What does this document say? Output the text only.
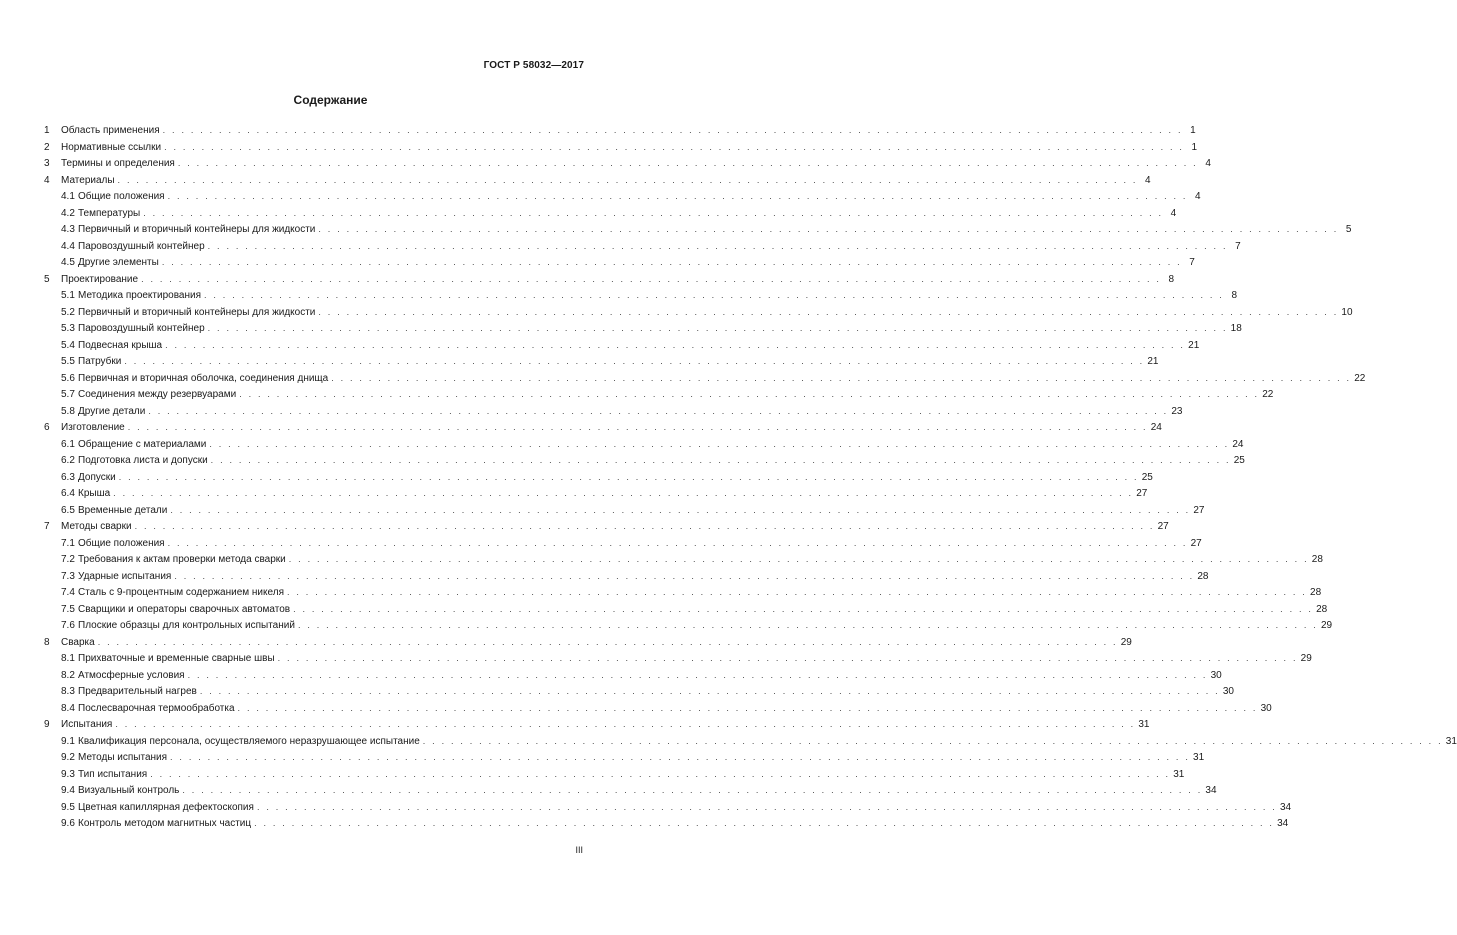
ГОСТ Р 58032—2017
Содержание
1	Область применения . . . . . . . . . . . . . . . . . . . . . . . . . . . . . . . . . . . . . . . . . . . . . . . . . . . . . . . . . . . . . . . . . . . . . . . . . . . . . . . . . . . . . . . . . . . . . . . . . . . . . . . . . . . . . 1
2	Нормативные ссылки . . . . . . . . . . . . . . . . . . . . . . . . . . . . . . . . . . . . . . . . . . . . . . . . . . . . . . . . . . . . . . . . . . . . . . . . . . . . . . . . . . . . . . . . . . . . . . . . . . . . . . . . . . . . . 1
3	Термины и определения . . . . . . . . . . . . . . . . . . . . . . . . . . . . . . . . . . . . . . . . . . . . . . . . . . . . . . . . . . . . . . . . . . . . . . . . . . . . . . . . . . . . . . . . . . . . . . . . . . . . . . . . . . . . . 4
4	Материалы . . . . . . . . . . . . . . . . . . . . . . . . . . . . . . . . . . . . . . . . . . . . . . . . . . . . . . . . . . . . . . . . . . . . . . . . . . . . . . . . . . . . . . . . . . . . . . . . . . . . . . . . . . . . . 4
4.1 Общие положения . . . . . . . . . . . . . . . . . . . . . . . . . . . . . . . . . . . . . . . . . . . . . . . . . . . . . . . . . . . . . . . . . . . . . . . . . . . . . . . . . . . . . . . . . . . . . . . . . . . . . . . . . . . . . 4
4.2 Температуры . . . . . . . . . . . . . . . . . . . . . . . . . . . . . . . . . . . . . . . . . . . . . . . . . . . . . . . . . . . . . . . . . . . . . . . . . . . . . . . . . . . . . . . . . . . . . . . . . . . . . . . . . . . . . 4
4.3 Первичный и вторичный контейнеры для жидкости . . . . . . . . . . . . . . . . . . . . . . . . . . . . . . . . . . . . . . . . . . . . . . . . . . . . . . . . . . . . . . . . . . . . . . . . . . . . . . . . . . . . . . . . . . . . . . . . . . . . . . . . . . . . . 5
4.4 Паровоздушный контейнер . . . . . . . . . . . . . . . . . . . . . . . . . . . . . . . . . . . . . . . . . . . . . . . . . . . . . . . . . . . . . . . . . . . . . . . . . . . . . . . . . . . . . . . . . . . . . . . . . . . . . . . . . . . . . 7
4.5 Другие элементы . . . . . . . . . . . . . . . . . . . . . . . . . . . . . . . . . . . . . . . . . . . . . . . . . . . . . . . . . . . . . . . . . . . . . . . . . . . . . . . . . . . . . . . . . . . . . . . . . . . . . . . . . . . . . 7
5	Проектирование . . . . . . . . . . . . . . . . . . . . . . . . . . . . . . . . . . . . . . . . . . . . . . . . . . . . . . . . . . . . . . . . . . . . . . . . . . . . . . . . . . . . . . . . . . . . . . . . . . . . . . . . . . . . . 8
5.1 Методика проектирования . . . . . . . . . . . . . . . . . . . . . . . . . . . . . . . . . . . . . . . . . . . . . . . . . . . . . . . . . . . . . . . . . . . . . . . . . . . . . . . . . . . . . . . . . . . . . . . . . . . . . . . . . . . . . 8
5.2 Первичный и вторичный контейнеры для жидкости . . . . . . . . . . . . . . . . . . . . . . . . . . . . . . . . . . . . . . . . . . . . . . . . . . . . . . . . . . . . . . . . . . . . . . . . . . . . . . . . . . . . . . . . . . . . . . . . . . . . . . . . . . . . . 10
5.3 Паровоздушный контейнер . . . . . . . . . . . . . . . . . . . . . . . . . . . . . . . . . . . . . . . . . . . . . . . . . . . . . . . . . . . . . . . . . . . . . . . . . . . . . . . . . . . . . . . . . . . . . . . . . . . . . . . . . . . . . 18
5.4 Подвесная крыша . . . . . . . . . . . . . . . . . . . . . . . . . . . . . . . . . . . . . . . . . . . . . . . . . . . . . . . . . . . . . . . . . . . . . . . . . . . . . . . . . . . . . . . . . . . . . . . . . . . . . . . . . . . . . 21
5.5 Патрубки . . . . . . . . . . . . . . . . . . . . . . . . . . . . . . . . . . . . . . . . . . . . . . . . . . . . . . . . . . . . . . . . . . . . . . . . . . . . . . . . . . . . . . . . . . . . . . . . . . . . . . . . . . . . . 21
5.6 Первичная и вторичная оболочка, соединения днища . . . . . . . . . . . . . . . . . . . . . . . . . . . . . . . . . . . . . . . . . . . . . . . . . . . . . . . . . . . . . . . . . . . . . . . . . . . . . . . . . . . . . . . . . . . . . . . . . . . . . . . . . . . . . 22
5.7 Соединения между резервуарами . . . . . . . . . . . . . . . . . . . . . . . . . . . . . . . . . . . . . . . . . . . . . . . . . . . . . . . . . . . . . . . . . . . . . . . . . . . . . . . . . . . . . . . . . . . . . . . . . . . . . . . . . . . . . 22
5.8 Другие детали . . . . . . . . . . . . . . . . . . . . . . . . . . . . . . . . . . . . . . . . . . . . . . . . . . . . . . . . . . . . . . . . . . . . . . . . . . . . . . . . . . . . . . . . . . . . . . . . . . . . . . . . . . . . . 23
6	Изготовление . . . . . . . . . . . . . . . . . . . . . . . . . . . . . . . . . . . . . . . . . . . . . . . . . . . . . . . . . . . . . . . . . . . . . . . . . . . . . . . . . . . . . . . . . . . . . . . . . . . . . . . . . . . . . 24
6.1 Обращение с материалами . . . . . . . . . . . . . . . . . . . . . . . . . . . . . . . . . . . . . . . . . . . . . . . . . . . . . . . . . . . . . . . . . . . . . . . . . . . . . . . . . . . . . . . . . . . . . . . . . . . . . . . . . . . . . 24
6.2 Подготовка листа и допуски . . . . . . . . . . . . . . . . . . . . . . . . . . . . . . . . . . . . . . . . . . . . . . . . . . . . . . . . . . . . . . . . . . . . . . . . . . . . . . . . . . . . . . . . . . . . . . . . . . . . . . . . . . . . . 25
6.3 Допуски . . . . . . . . . . . . . . . . . . . . . . . . . . . . . . . . . . . . . . . . . . . . . . . . . . . . . . . . . . . . . . . . . . . . . . . . . . . . . . . . . . . . . . . . . . . . . . . . . . . . . . . . . . . . . 25
6.4 Крыша . . . . . . . . . . . . . . . . . . . . . . . . . . . . . . . . . . . . . . . . . . . . . . . . . . . . . . . . . . . . . . . . . . . . . . . . . . . . . . . . . . . . . . . . . . . . . . . . . . . . . . . . . . . . . 27
6.5 Временные детали . . . . . . . . . . . . . . . . . . . . . . . . . . . . . . . . . . . . . . . . . . . . . . . . . . . . . . . . . . . . . . . . . . . . . . . . . . . . . . . . . . . . . . . . . . . . . . . . . . . . . . . . . . . . . 27
7	Методы сварки . . . . . . . . . . . . . . . . . . . . . . . . . . . . . . . . . . . . . . . . . . . . . . . . . . . . . . . . . . . . . . . . . . . . . . . . . . . . . . . . . . . . . . . . . . . . . . . . . . . . . . . . . . . . . 27
7.1 Общие положения . . . . . . . . . . . . . . . . . . . . . . . . . . . . . . . . . . . . . . . . . . . . . . . . . . . . . . . . . . . . . . . . . . . . . . . . . . . . . . . . . . . . . . . . . . . . . . . . . . . . . . . . . . . . . 27
7.2 Требования к актам проверки метода сварки . . . . . . . . . . . . . . . . . . . . . . . . . . . . . . . . . . . . . . . . . . . . . . . . . . . . . . . . . . . . . . . . . . . . . . . . . . . . . . . . . . . . . . . . . . . . . . . . . . . . . . . . . . . . . 28
7.3 Ударные испытания . . . . . . . . . . . . . . . . . . . . . . . . . . . . . . . . . . . . . . . . . . . . . . . . . . . . . . . . . . . . . . . . . . . . . . . . . . . . . . . . . . . . . . . . . . . . . . . . . . . . . . . . . . . . . 28
7.4 Сталь с 9-процентным содержанием никеля . . . . . . . . . . . . . . . . . . . . . . . . . . . . . . . . . . . . . . . . . . . . . . . . . . . . . . . . . . . . . . . . . . . . . . . . . . . . . . . . . . . . . . . . . . . . . . . . . . . . . . . . . . . . . 28
7.5 Сварщики и операторы сварочных автоматов . . . . . . . . . . . . . . . . . . . . . . . . . . . . . . . . . . . . . . . . . . . . . . . . . . . . . . . . . . . . . . . . . . . . . . . . . . . . . . . . . . . . . . . . . . . . . . . . . . . . . . . . . . . . . 28
7.6 Плоские образцы для контрольных испытаний . . . . . . . . . . . . . . . . . . . . . . . . . . . . . . . . . . . . . . . . . . . . . . . . . . . . . . . . . . . . . . . . . . . . . . . . . . . . . . . . . . . . . . . . . . . . . . . . . . . . . . . . . . . . . 29
8	Сварка . . . . . . . . . . . . . . . . . . . . . . . . . . . . . . . . . . . . . . . . . . . . . . . . . . . . . . . . . . . . . . . . . . . . . . . . . . . . . . . . . . . . . . . . . . . . . . . . . . . . . . . . . . . . . 29
8.1 Прихваточные и временные сварные швы . . . . . . . . . . . . . . . . . . . . . . . . . . . . . . . . . . . . . . . . . . . . . . . . . . . . . . . . . . . . . . . . . . . . . . . . . . . . . . . . . . . . . . . . . . . . . . . . . . . . . . . . . . . . . 29
8.2 Атмосферные условия . . . . . . . . . . . . . . . . . . . . . . . . . . . . . . . . . . . . . . . . . . . . . . . . . . . . . . . . . . . . . . . . . . . . . . . . . . . . . . . . . . . . . . . . . . . . . . . . . . . . . . . . . . . . . 30
8.3 Предварительный нагрев . . . . . . . . . . . . . . . . . . . . . . . . . . . . . . . . . . . . . . . . . . . . . . . . . . . . . . . . . . . . . . . . . . . . . . . . . . . . . . . . . . . . . . . . . . . . . . . . . . . . . . . . . . . . . 30
8.4 Послесварочная термообработка . . . . . . . . . . . . . . . . . . . . . . . . . . . . . . . . . . . . . . . . . . . . . . . . . . . . . . . . . . . . . . . . . . . . . . . . . . . . . . . . . . . . . . . . . . . . . . . . . . . . . . . . . . . . . 30
9	Испытания . . . . . . . . . . . . . . . . . . . . . . . . . . . . . . . . . . . . . . . . . . . . . . . . . . . . . . . . . . . . . . . . . . . . . . . . . . . . . . . . . . . . . . . . . . . . . . . . . . . . . . . . . . . . . 31
9.1 Квалификация персонала, осуществляемого неразрушающее испытание . . . . . . . . . . . . . . . . . . . . . . . . . . . . . . . . . . . . . . . . . . . . . . . . . . . . . . . . . . . . . . . . . . . . . . . . . . . . . . . . . . . . . . . . . . . . . . . . . . . . . . . . . . . . . 31
9.2 Методы испытания . . . . . . . . . . . . . . . . . . . . . . . . . . . . . . . . . . . . . . . . . . . . . . . . . . . . . . . . . . . . . . . . . . . . . . . . . . . . . . . . . . . . . . . . . . . . . . . . . . . . . . . . . . . . . 31
9.3 Тип испытания . . . . . . . . . . . . . . . . . . . . . . . . . . . . . . . . . . . . . . . . . . . . . . . . . . . . . . . . . . . . . . . . . . . . . . . . . . . . . . . . . . . . . . . . . . . . . . . . . . . . . . . . . . . . . 31
9.4 Визуальный контроль . . . . . . . . . . . . . . . . . . . . . . . . . . . . . . . . . . . . . . . . . . . . . . . . . . . . . . . . . . . . . . . . . . . . . . . . . . . . . . . . . . . . . . . . . . . . . . . . . . . . . . . . . . . . . 34
9.5 Цветная капиллярная дефектоскопия . . . . . . . . . . . . . . . . . . . . . . . . . . . . . . . . . . . . . . . . . . . . . . . . . . . . . . . . . . . . . . . . . . . . . . . . . . . . . . . . . . . . . . . . . . . . . . . . . . . . . . . . . . . . . 34
9.6 Контроль методом магнитных частиц . . . . . . . . . . . . . . . . . . . . . . . . . . . . . . . . . . . . . . . . . . . . . . . . . . . . . . . . . . . . . . . . . . . . . . . . . . . . . . . . . . . . . . . . . . . . . . . . . . . . . . . . . . . . . 34
III
